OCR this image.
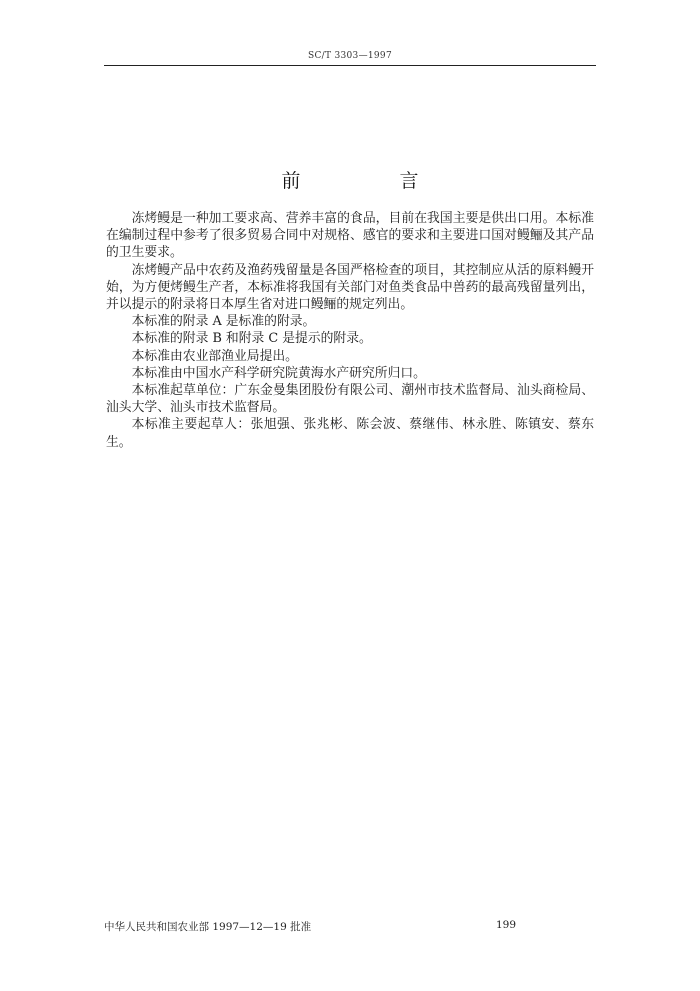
SC/T 3303—1997
前　言

冻烤鳗是一种加工要求高、营养丰富的食品，目前在我国主要是供出口用。本标准在编制过程中参考了很多贸易合同中对规格、感官的要求和主要进口国对鳗鲡及其产品的卫生要求。

冻烤鳗产品中农药及渔药残留量是各国严格检查的项目，其控制应从活的原料鳗开始，为方便烤鳗生产者，本标准将我国有关部门对鱼类食品中兽药的最高残留量列出，并以提示的附录将日本厚生省对进口鳗鲡的规定列出。

本标准的附录 A 是标准的附录。

本标准的附录 B 和附录 C 是提示的附录。

本标准由农业部渔业局提出。

本标准由中国水产科学研究院黄海水产研究所归口。

本标准起草单位：广东金曼集团股份有限公司、潮州市技术监督局、汕头商检局、汕头大学、汕头市技术监督局。

本标准主要起草人：张旭强、张兆彬、陈会波、蔡继伟、林永胜、陈镇安、蔡东生。

中华人民共和国农业部 1997—12—19 批准	199
